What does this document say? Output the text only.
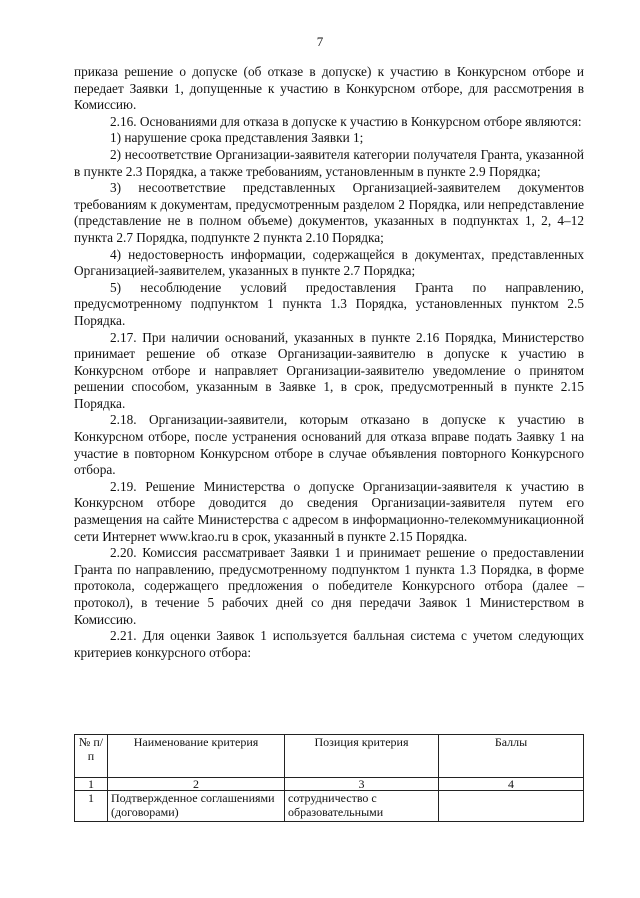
7

приказа решение о допуске (об отказе в допуске) к участию в Конкурсном отборе и передает Заявки 1, допущенные к участию в Конкурсном отборе, для рассмотрения в Комиссию.

2.16. Основаниями для отказа в допуске к участию в Конкурсном отборе являются:

1) нарушение срока представления Заявки 1;

2) несоответствие Организации-заявителя категории получателя Гранта, указанной в пункте 2.3 Порядка, а также требованиям, установленным в пункте 2.9 Порядка;

3) несоответствие представленных Организацией-заявителем документов требованиям к документам, предусмотренным разделом 2 Порядка, или непредставление (представление не в полном объеме) документов, указанных в подпунктах 1, 2, 4–12 пункта 2.7 Порядка, подпункте 2 пункта 2.10 Порядка;

4) недостоверность информации, содержащейся в документах, представленных Организацией-заявителем, указанных в пункте 2.7 Порядка;

5) несоблюдение условий предоставления Гранта по направлению, предусмотренному подпунктом 1 пункта 1.3 Порядка, установленных пунктом 2.5 Порядка.

2.17. При наличии оснований, указанных в пункте 2.16 Порядка, Министерство принимает решение об отказе Организации-заявителю в допуске к участию в Конкурсном отборе и направляет Организации-заявителю уведомление о принятом решении способом, указанным в Заявке 1, в срок, предусмотренный в пункте 2.15 Порядка.

2.18. Организации-заявители, которым отказано в допуске к участию в Конкурсном отборе, после устранения оснований для отказа вправе подать Заявку 1 на участие в повторном Конкурсном отборе в случае объявления повторного Конкурсного отбора.

2.19. Решение Министерства о допуске Организации-заявителя к участию в Конкурсном отборе доводится до сведения Организации-заявителя путем его размещения на сайте Министерства с адресом в информационно-телекоммуникационной сети Интернет www.krao.ru в срок, указанный в пункте 2.15 Порядка.

2.20. Комиссия рассматривает Заявки 1 и принимает решение о предоставлении Гранта по направлению, предусмотренному подпунктом 1 пункта 1.3 Порядка, в форме протокола, содержащего предложения о победителе Конкурсного отбора (далее – протокол), в течение 5 рабочих дней со дня передачи Заявок 1 Министерством в Комиссию.

2.21. Для оценки Заявок 1 используется балльная система с учетом следующих критериев конкурсного отбора:

№ п/п	Наименование критерия	Позиция критерия	Баллы
1	2	3	4
1	Подтвержденное соглашениями (договорами)	сотрудничество с образовательными	
